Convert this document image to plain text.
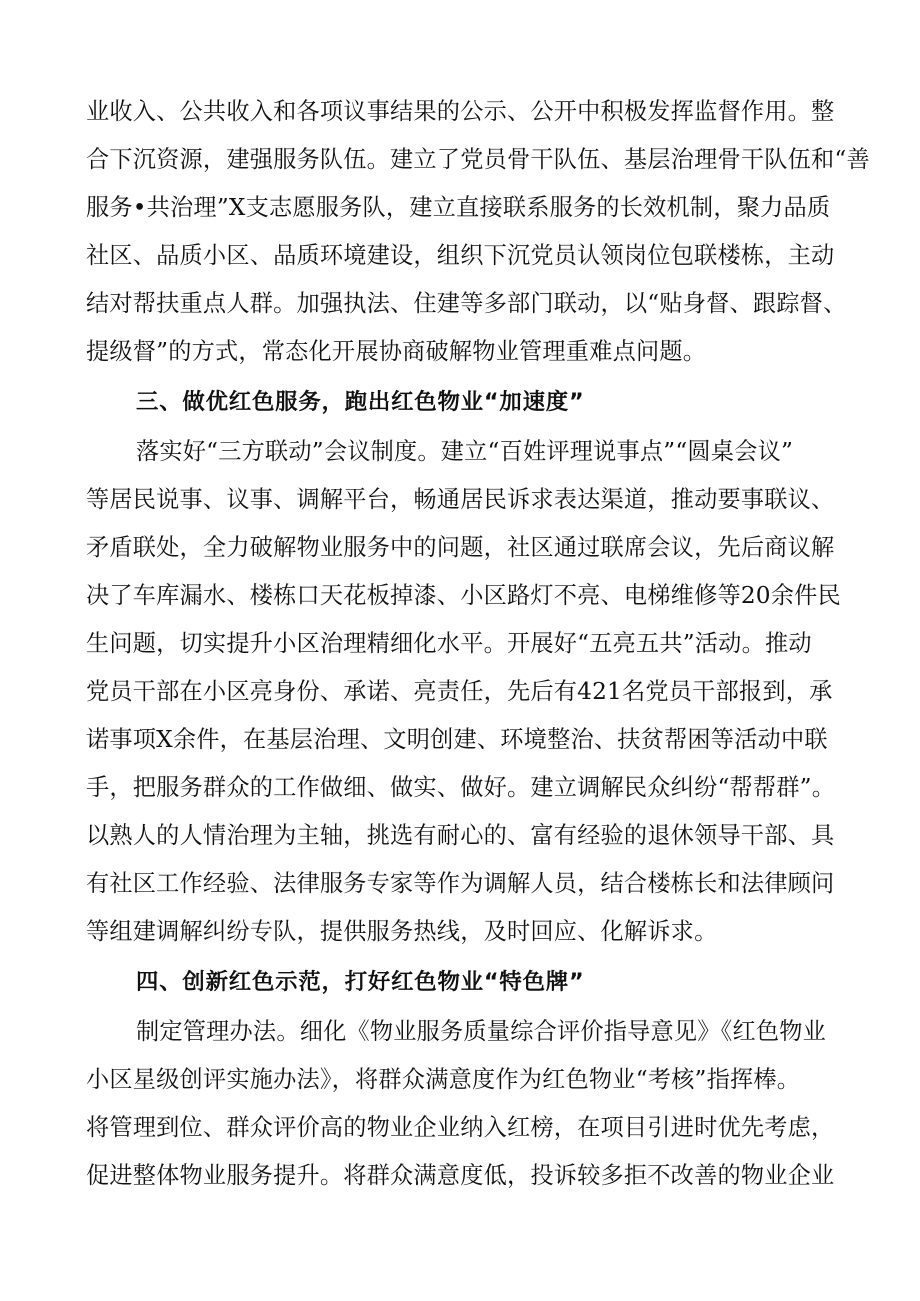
业收入、公共收入和各项议事结果的公示、公开中积极发挥监督作用。整
合下沉资源，建强服务队伍。建立了党员骨干队伍、基层治理骨干队伍和“善
服务•共治理”X支志愿服务队，建立直接联系服务的长效机制，聚力品质
社区、品质小区、品质环境建设，组织下沉党员认领岗位包联楼栋，主动
结对帮扶重点人群。加强执法、住建等多部门联动，以“贴身督、跟踪督、
提级督”的方式，常态化开展协商破解物业管理重难点问题。
三、做优红色服务，跑出红色物业“加速度”
落实好“三方联动”会议制度。建立“百姓评理说事点”“圆桌会议”
等居民说事、议事、调解平台，畅通居民诉求表达渠道，推动要事联议、
矛盾联处，全力破解物业服务中的问题，社区通过联席会议，先后商议解
决了车库漏水、楼栋口天花板掉漆、小区路灯不亮、电梯维修等20余件民
生问题，切实提升小区治理精细化水平。开展好“五亮五共”活动。推动
党员干部在小区亮身份、承诺、亮责任，先后有421名党员干部报到，承
诺事项X余件，在基层治理、文明创建、环境整治、扶贫帮困等活动中联
手，把服务群众的工作做细、做实、做好。建立调解民众纠纷“帮帮群”。
以熟人的人情治理为主轴，挑选有耐心的、富有经验的退休领导干部、具
有社区工作经验、法律服务专家等作为调解人员，结合楼栋长和法律顾问
等组建调解纠纷专队，提供服务热线，及时回应、化解诉求。
四、创新红色示范，打好红色物业“特色牌”
制定管理办法。细化《物业服务质量综合评价指导意见》《红色物业
小区星级创评实施办法》，将群众满意度作为红色物业“考核”指挥棒。
将管理到位、群众评价高的物业企业纳入红榜，在项目引进时优先考虑，
促进整体物业服务提升。将群众满意度低，投诉较多拒不改善的物业企业
